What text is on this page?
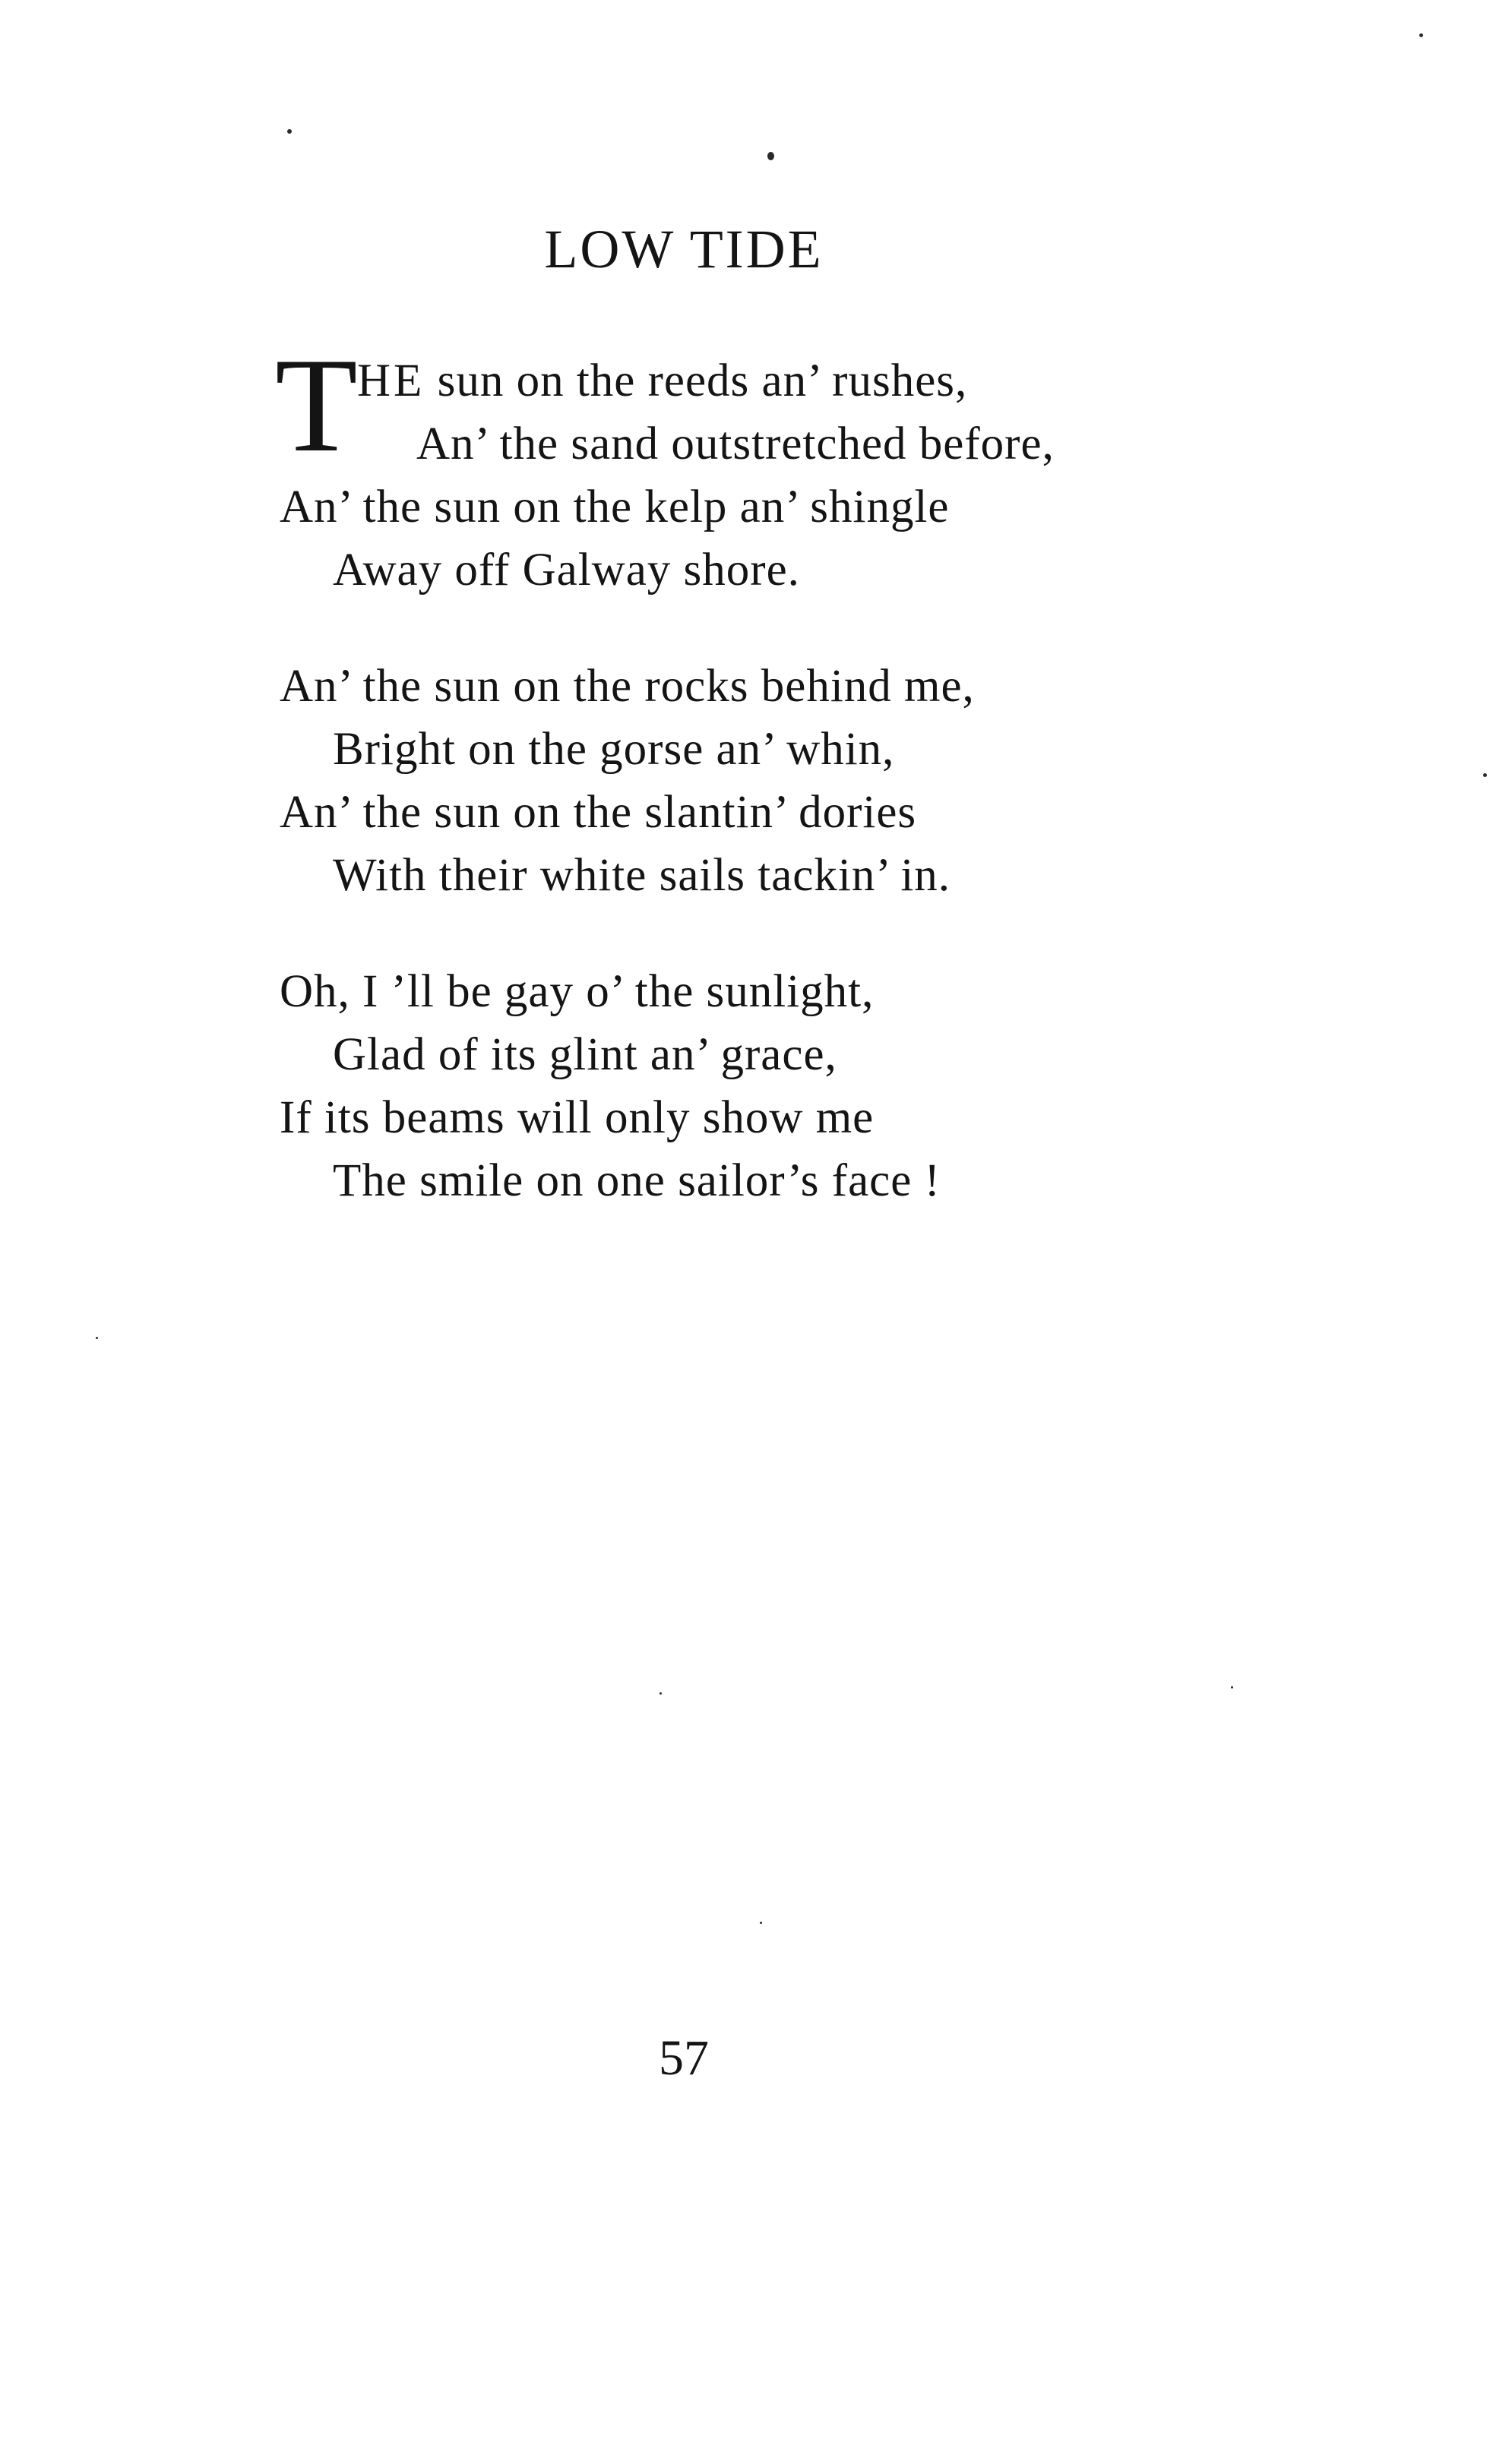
LOW TIDE
T
HE sun on the reeds an’ rushes,
An’ the sand outstretched before,
An’ the sun on the kelp an’ shingle
Away off Galway shore.
An’ the sun on the rocks behind me,
Bright on the gorse an’ whin,
An’ the sun on the slantin’ dories
With their white sails tackin’ in.
Oh, I ’ll be gay o’ the sunlight,
Glad of its glint an’ grace,
If its beams will only show me
The smile on one sailor’s face !
57
